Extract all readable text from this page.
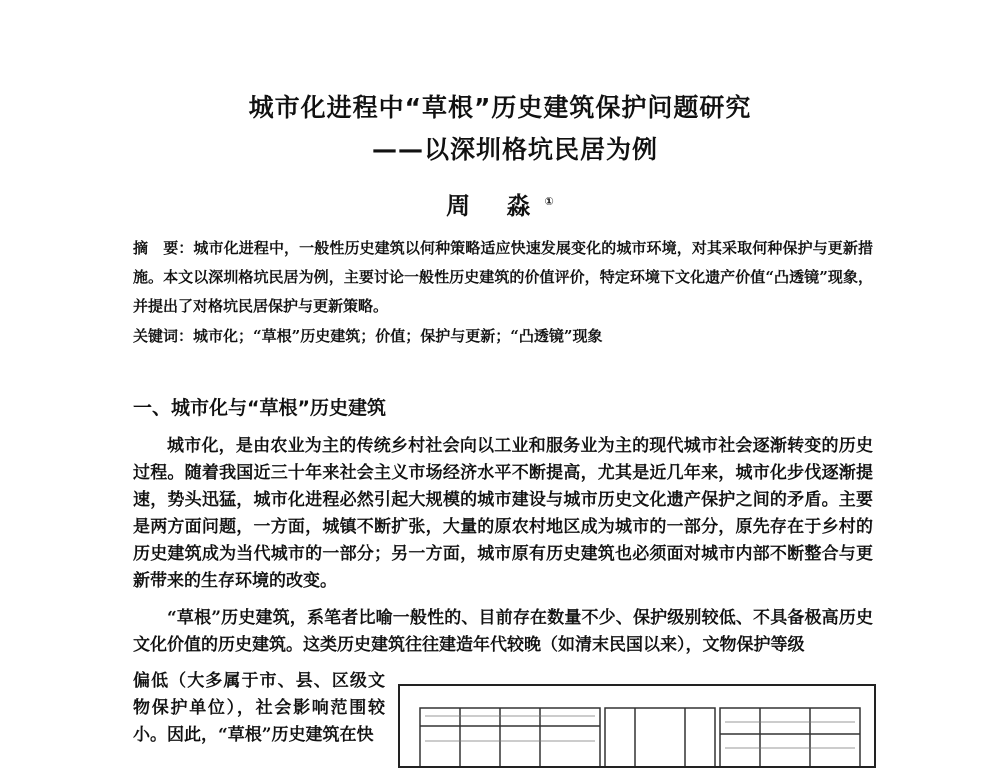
城市化进程中“草根”历史建筑保护问题研究
——以深圳格坑民居为例
周 淼①
摘　要：城市化进程中，一般性历史建筑以何种策略适应快速发展变化的城市环境，对其采取何种保护与更新措施。本文以深圳格坑民居为例，主要讨论一般性历史建筑的价值评价，特定环境下文化遗产价值“凸透镜”现象，并提出了对格坑民居保护与更新策略。
关键词：城市化；“草根”历史建筑；价值；保护与更新；“凸透镜”现象
一、城市化与“草根”历史建筑
城市化，是由农业为主的传统乡村社会向以工业和服务业为主的现代城市社会逐渐转变的历史过程。随着我国近三十年来社会主义市场经济水平不断提高，尤其是近几年来，城市化步伐逐渐提速，势头迅猛，城市化进程必然引起大规模的城市建设与城市历史文化遗产保护之间的矛盾。主要是两方面问题，一方面，城镇不断扩张，大量的原农村地区成为城市的一部分，原先存在于乡村的历史建筑成为当代城市的一部分；另一方面，城市原有历史建筑也必须面对城市内部不断整合与更新带来的生存环境的改变。
“草根”历史建筑，系笔者比喻一般性的、目前存在数量不少、保护级别较低、不具备极高历史文化价值的历史建筑。这类历史建筑往往建造年代较晚（如清末民国以来），文物保护等级
偏低（大多属于市、县、区级文物保护单位），社会影响范围较小。因此，“草根”历史建筑在快
